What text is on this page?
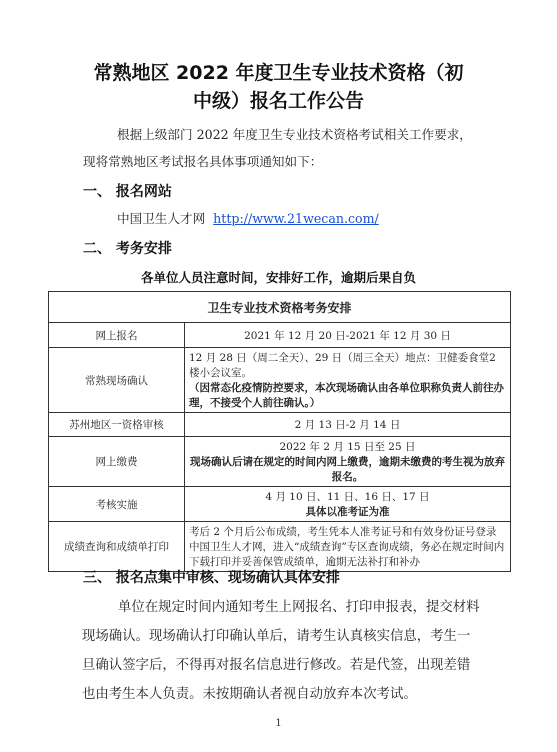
常熟地区 2022 年度卫生专业技术资格（初
中级）报名工作公告
根据上级部门 2022 年度卫生专业技术资格考试相关工作要求，
现将常熟地区考试报名具体事项通知如下：
一、 报名网站
中国卫生人才网 http://www.21wecan.com/
二、 考务安排
各单位人员注意时间，安排好工作，逾期后果自负
卫生专业技术资格考务安排	
网上报名	2021 年 12 月 20 日-2021 年 12 月 30 日
常熟现场确认	12 月 28 日（周二全天）、29 日（周三全天）地点：卫健委食堂2楼小会议室。
（因常态化疫情防控要求，本次现场确认由各单位职称负责人前往办理，不接受个人前往确认。）

苏州地区一资格审核	2 月 13 日-2 月 14 日
网上缴费	2022 年 2 月 15 日至 25 日
现场确认后请在规定的时间内网上缴费，逾期未缴费的考生视为放弃报名。

考核实施	4 月 10 日、11 日、16 日、17 日
具体以准考证为准

成绩查询和成绩单打印	考后 2 个月后公布成绩，考生凭本人准考证号和有效身份证号登录中国卫生人才网，进入“成绩查询”专区查询成绩，务必在规定时间内下载打印并妥善保管成绩单，逾期无法补打和补办
三、 报名点集中审核、现场确认具体安排
单位在规定时间内通知考生上网报名、打印申报表，提交材料
现场确认。现场确认打印确认单后，请考生认真核实信息，考生一
旦确认签字后，不得再对报名信息进行修改。若是代签，出现差错
也由考生本人负责。未按期确认者视自动放弃本次考试。
1
